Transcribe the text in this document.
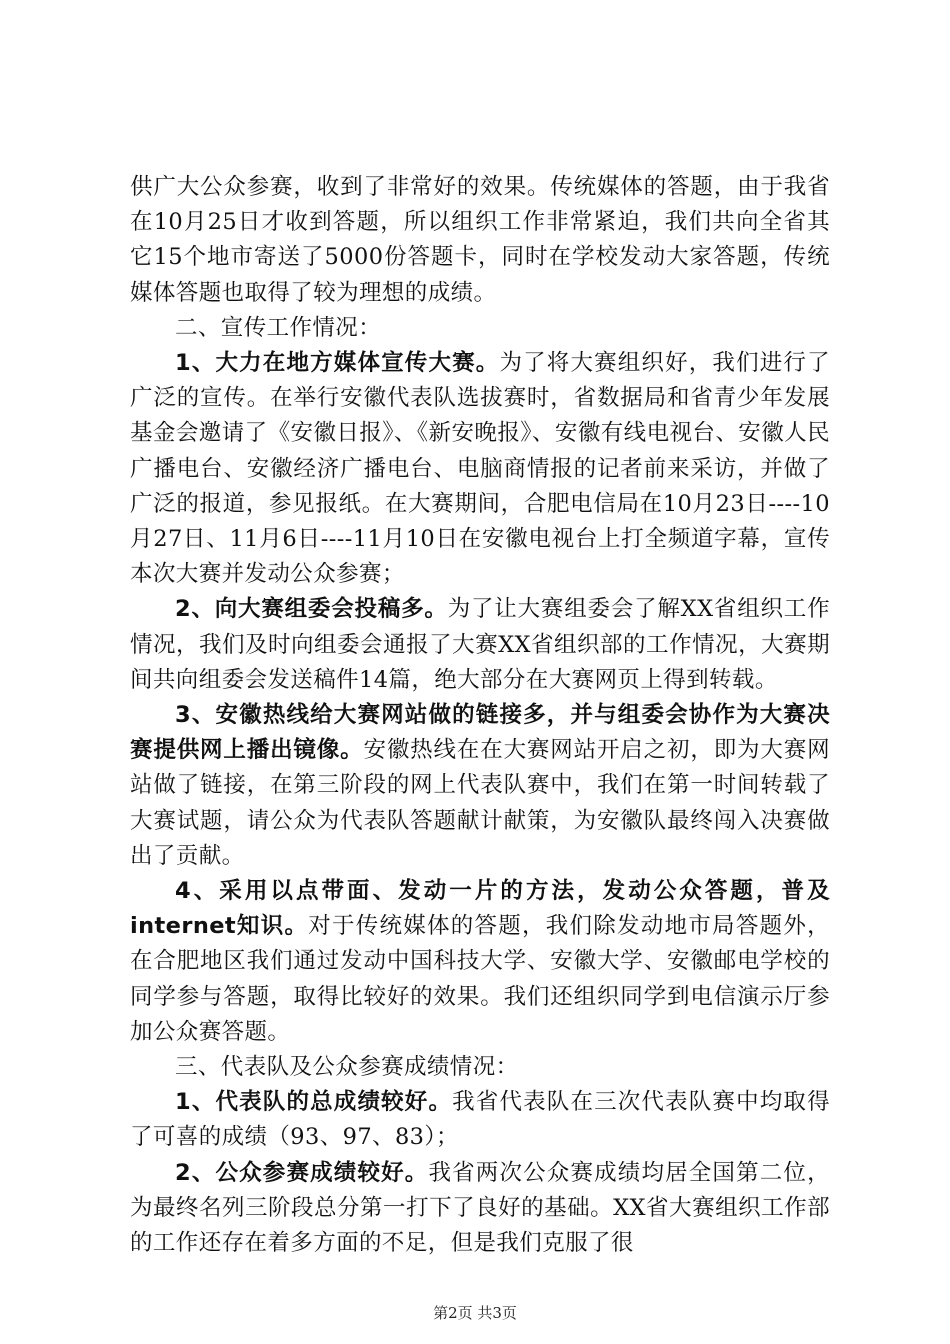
供广大公众参赛，收到了非常好的效果。传统媒体的答题，由于我省在10月25日才收到答题，所以组织工作非常紧迫，我们共向全省其它15个地市寄送了5000份答题卡，同时在学校发动大家答题，传统媒体答题也取得了较为理想的成绩。

二、宣传工作情况：

1、大力在地方媒体宣传大赛。为了将大赛组织好，我们进行了广泛的宣传。在举行安徽代表队选拔赛时，省数据局和省青少年发展基金会邀请了《安徽日报》、《新安晚报》、安徽有线电视台、安徽人民广播电台、安徽经济广播电台、电脑商情报的记者前来采访，并做了广泛的报道，参见报纸。在大赛期间，合肥电信局在10月23日----10月27日、11月6日----11月10日在安徽电视台上打全频道字幕，宣传本次大赛并发动公众参赛；

2、向大赛组委会投稿多。为了让大赛组委会了解XX省组织工作情况，我们及时向组委会通报了大赛XX省组织部的工作情况，大赛期间共向组委会发送稿件14篇，绝大部分在大赛网页上得到转载。

3、安徽热线给大赛网站做的链接多，并与组委会协作为大赛决赛提供网上播出镜像。安徽热线在在大赛网站开启之初，即为大赛网站做了链接，在第三阶段的网上代表队赛中，我们在第一时间转载了大赛试题，请公众为代表队答题献计献策，为安徽队最终闯入决赛做出了贡献。

4、采用以点带面、发动一片的方法，发动公众答题，普及internet知识。对于传统媒体的答题，我们除发动地市局答题外，在合肥地区我们通过发动中国科技大学、安徽大学、安徽邮电学校的同学参与答题，取得比较好的效果。我们还组织同学到电信演示厅参加公众赛答题。

三、代表队及公众参赛成绩情况：

1、代表队的总成绩较好。我省代表队在三次代表队赛中均取得了可喜的成绩（93、97、83）；

2、公众参赛成绩较好。我省两次公众赛成绩均居全国第二位，为最终名列三阶段总分第一打下了良好的基础。XX省大赛组织工作部的工作还存在着多方面的不足，但是我们克服了很

第2页 共3页
